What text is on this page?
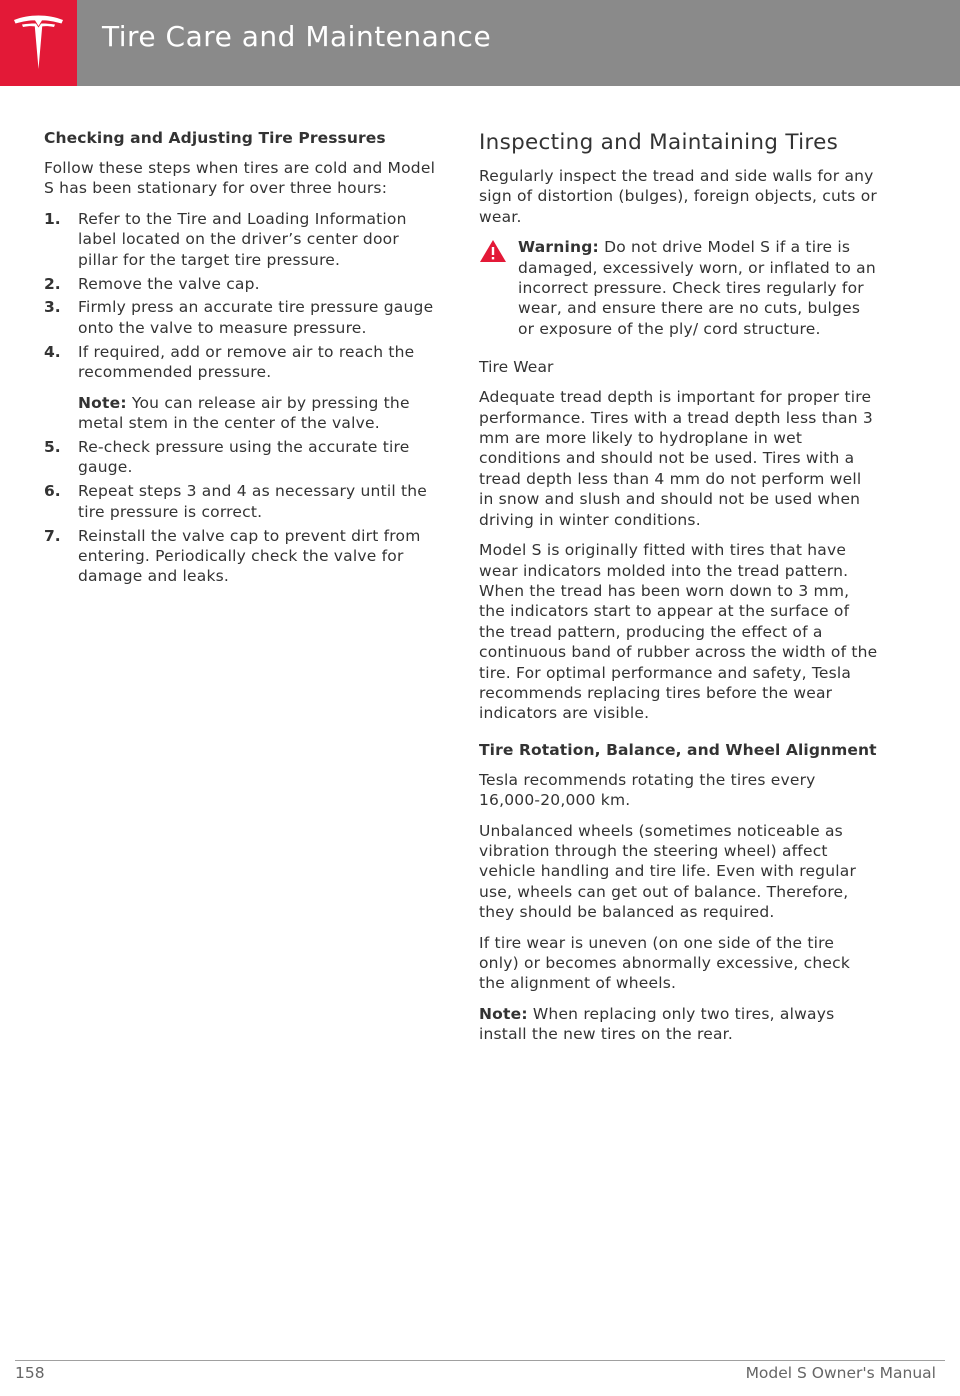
Tire Care and Maintenance
Checking and Adjusting Tire Pressures

Follow these steps when tires are cold and Model S has been stationary for over three hours:

1. Refer to the Tire and Loading Information label located on the driver’s center door pillar for the target tire pressure.

2. Remove the valve cap.

3. Firmly press an accurate tire pressure gauge onto the valve to measure pressure.

4. If required, add or remove air to reach the recommended pressure.

Note: You can release air by pressing the metal stem in the center of the valve.

5. Re-check pressure using the accurate tire gauge.

6. Repeat steps 3 and 4 as necessary until the tire pressure is correct.

7. Reinstall the valve cap to prevent dirt from entering. Periodically check the valve for damage and leaks.

Inspecting and Maintaining Tires

Regularly inspect the tread and side walls for any sign of distortion (bulges), foreign objects, cuts or wear.

Warning: Do not drive Model S if a tire is damaged, excessively worn, or inflated to an incorrect pressure. Check tires regularly for wear, and ensure there are no cuts, bulges or exposure of the ply/ cord structure.

Tire Wear

Adequate tread depth is important for proper tire performance. Tires with a tread depth less than 3 mm are more likely to hydroplane in wet conditions and should not be used. Tires with a tread depth less than 4 mm do not perform well in snow and slush and should not be used when driving in winter conditions.

Model S is originally fitted with tires that have wear indicators molded into the tread pattern. When the tread has been worn down to 3 mm, the indicators start to appear at the surface of the tread pattern, producing the effect of a continuous band of rubber across the width of the tire. For optimal performance and safety, Tesla recommends replacing tires before the wear indicators are visible.

Tire Rotation, Balance, and Wheel Alignment

Tesla recommends rotating the tires every 16,000-20,000 km.

Unbalanced wheels (sometimes noticeable as vibration through the steering wheel) affect vehicle handling and tire life. Even with regular use, wheels can get out of balance. Therefore, they should be balanced as required.

If tire wear is uneven (on one side of the tire only) or becomes abnormally excessive, check the alignment of wheels.

Note: When replacing only two tires, always install the new tires on the rear.

158	Model S Owner's Manual
